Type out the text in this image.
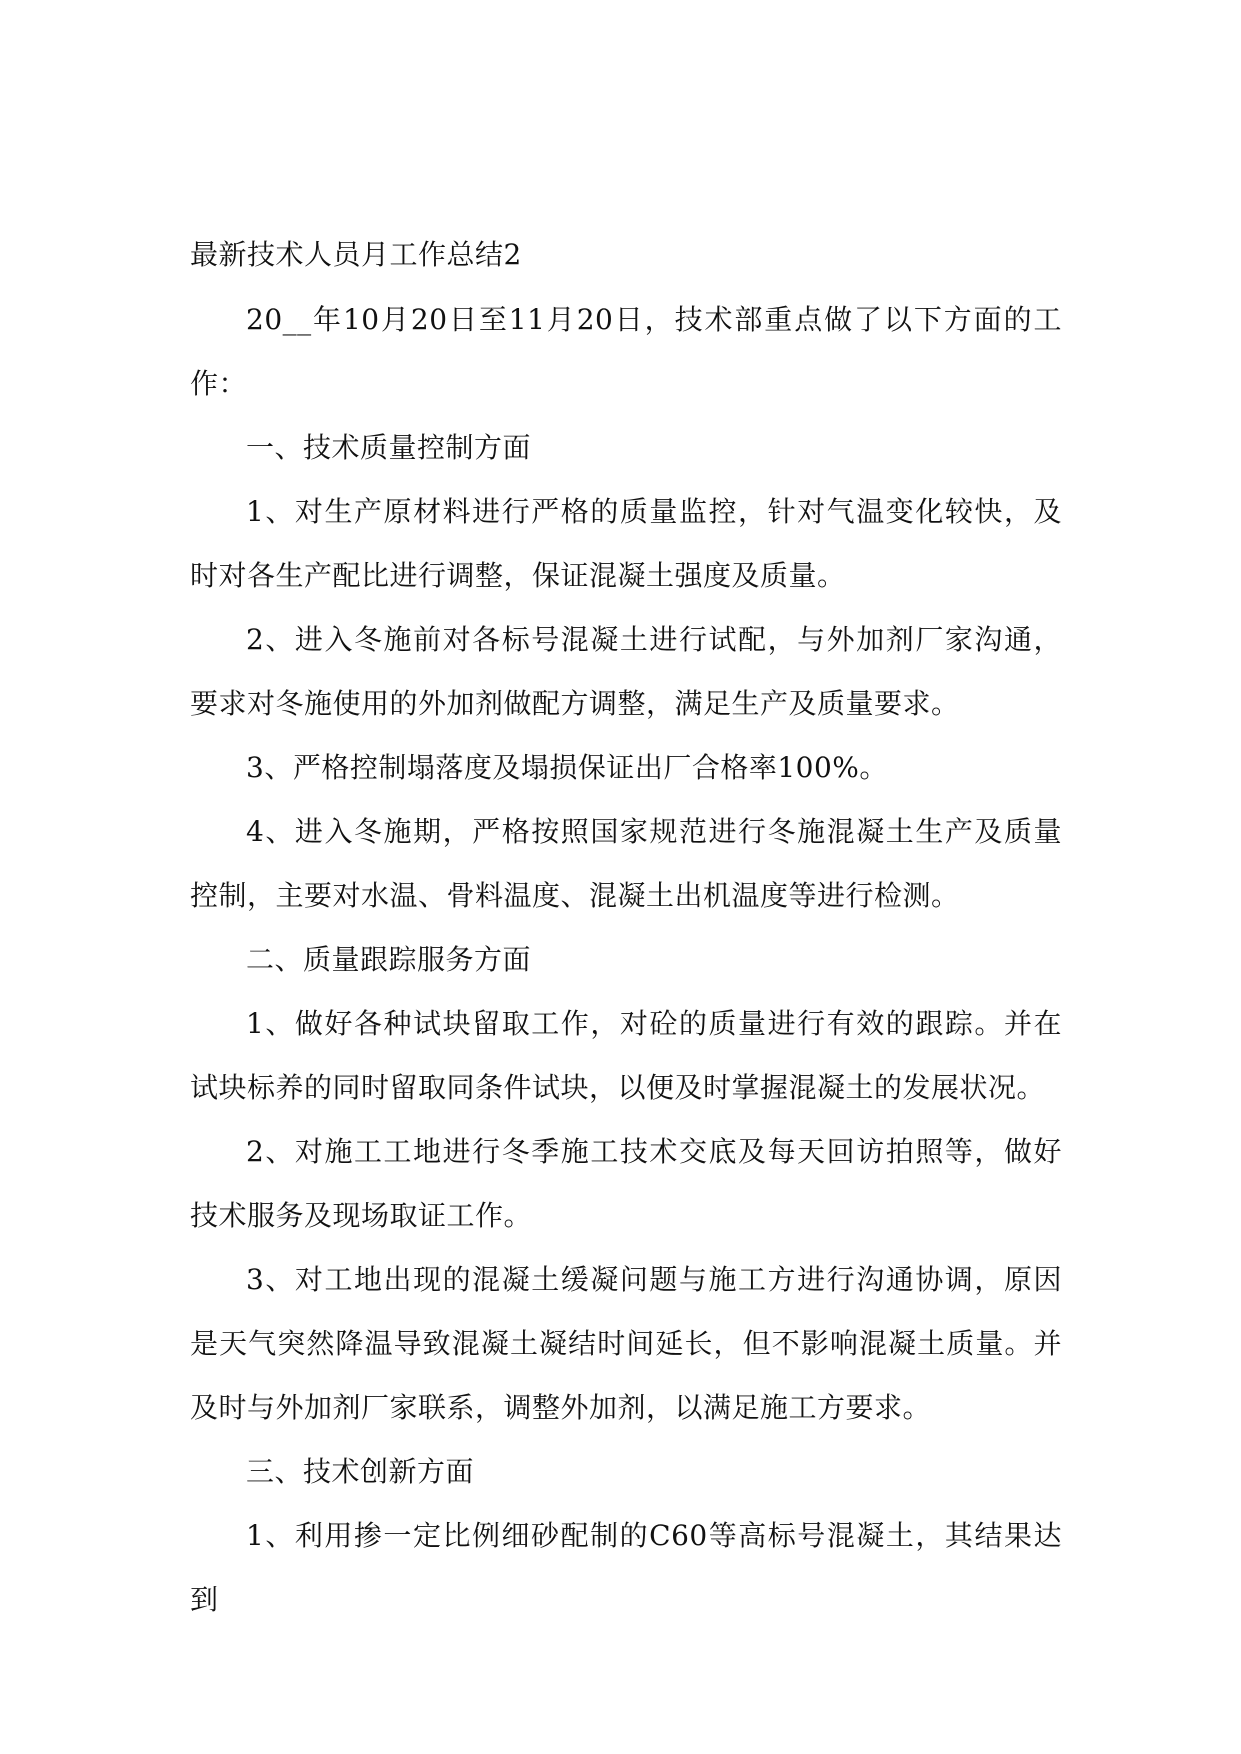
最新技术人员月工作总结2

20__年10月20日至11月20日，技术部重点做了以下方面的工作：

一、技术质量控制方面

1、对生产原材料进行严格的质量监控，针对气温变化较快，及时对各生产配比进行调整，保证混凝土强度及质量。

2、进入冬施前对各标号混凝土进行试配，与外加剂厂家沟通，要求对冬施使用的外加剂做配方调整，满足生产及质量要求。

3、严格控制塌落度及塌损保证出厂合格率100%。

4、进入冬施期，严格按照国家规范进行冬施混凝土生产及质量控制，主要对水温、骨料温度、混凝土出机温度等进行检测。

二、质量跟踪服务方面

1、做好各种试块留取工作，对砼的质量进行有效的跟踪。并在试块标养的同时留取同条件试块，以便及时掌握混凝土的发展状况。

2、对施工工地进行冬季施工技术交底及每天回访拍照等，做好技术服务及现场取证工作。

3、对工地出现的混凝土缓凝问题与施工方进行沟通协调，原因是天气突然降温导致混凝土凝结时间延长，但不影响混凝土质量。并及时与外加剂厂家联系，调整外加剂，以满足施工方要求。

三、技术创新方面

1、利用掺一定比例细砂配制的C60等高标号混凝土，其结果达到
